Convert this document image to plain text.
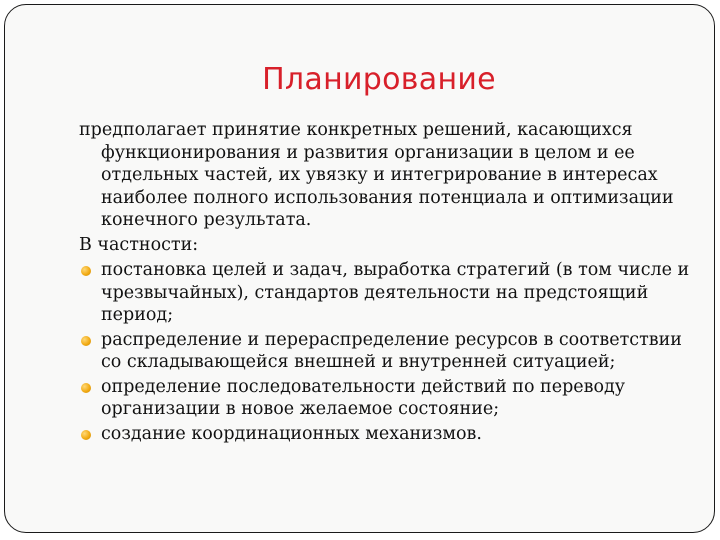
Планирование

предполагает принятие конкретных решений, касающихся функционирования и развития организации в целом и ее отдельных частей, их увязку и интегрирование в интересах наиболее полного использования потенциала и оптимизации конечного результата.

В частности:

постановка целей и задач, выработка стратегий (в том числе и чрезвычайных), стандартов деятельности на предстоящий период;
распределение и перераспределение ресурсов в соответствии со складывающейся внешней и внутренней ситуацией;
определение последовательности действий по переводу организации в новое желаемое состояние;
создание координационных механизмов.
